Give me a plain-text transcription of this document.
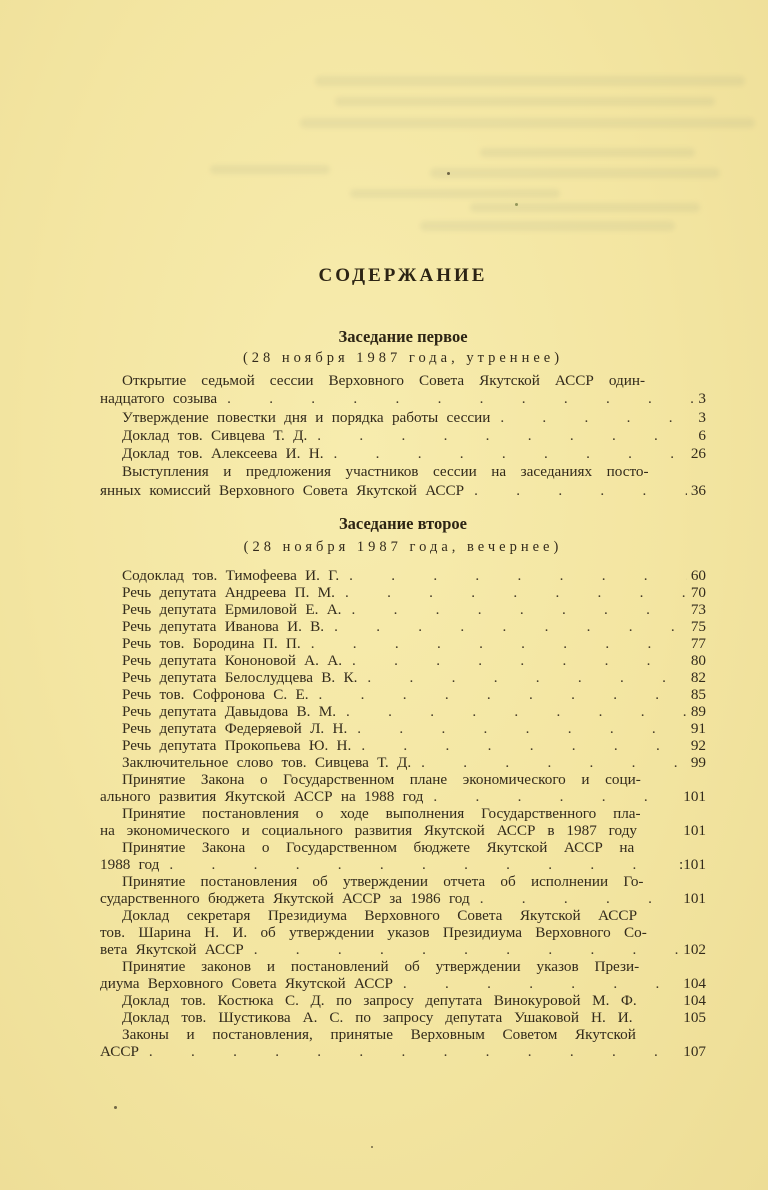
СОДЕРЖАНИЕ
Заседание первое
(28 ноября 1987 года, утреннее)
Открытие седьмой сессии Верховного Совета Якутской АССР один-
надцатого созыва . . .	3
Утверждение повестки дня и порядка работы сессии . . .	3
Доклад тов. Сивцева Т. Д. . . .	6
Доклад тов. Алексеева И. Н. . . .	26
Выступления и предложения участников сессии на заседаниях посто-
янных комиссий Верховного Совета Якутской АССР . . .	36
Заседание второе
(28 ноября 1987 года, вечернее)
Содоклад тов. Тимофеева И. Г. . . .	60
Речь депутата Андреева П. М. . . .	70
Речь депутата Ермиловой Е. А. . . .	73
Речь депутата Иванова И. В. . . .	75
Речь тов. Бородина П. П. . . .	77
Речь депутата Кононовой А. А. . . .	80
Речь депутата Белослудцева В. К. . . .	82
Речь тов. Софронова С. Е. . . .	85
Речь депутата Давыдова В. М. . . .	89
Речь депутата Федеряевой Л. Н. . . .	91
Речь депутата Прокопьева Ю. Н. . . .	92
Заключительное слово тов. Сивцева Т. Д. . . .	99
Принятие Закона о Государственном плане экономического и соци-
ального развития Якутской АССР на 1988 год . . .	101
Принятие постановления о ходе выполнения Государственного пла-
на экономического и социального развития Якутской АССР в 1987 году	101
Принятие Закона о Государственном бюджете Якутской АССР на
1988 год . . .	:101
Принятие постановления об утверждении отчета об исполнении Го-
сударственного бюджета Якутской АССР за 1986 год . . .	101
Доклад секретаря Президиума Верховного Совета Якутской АССР
тов. Шарина Н. И. об утверждении указов Президиума Верховного Со-
вета Якутской АССР . . .	102
Принятие законов и постановлений об утверждении указов Прези-
диума Верховного Совета Якутской АССР . . .	104
Доклад тов. Костюка С. Д. по запросу депутата Винокуровой М. Ф.	104
Доклад тов. Шустикова А. С. по запросу депутата Ушаковой Н. И.	105
Законы и постановления, принятые Верховным Советом Якутской
АССР . . .	107
